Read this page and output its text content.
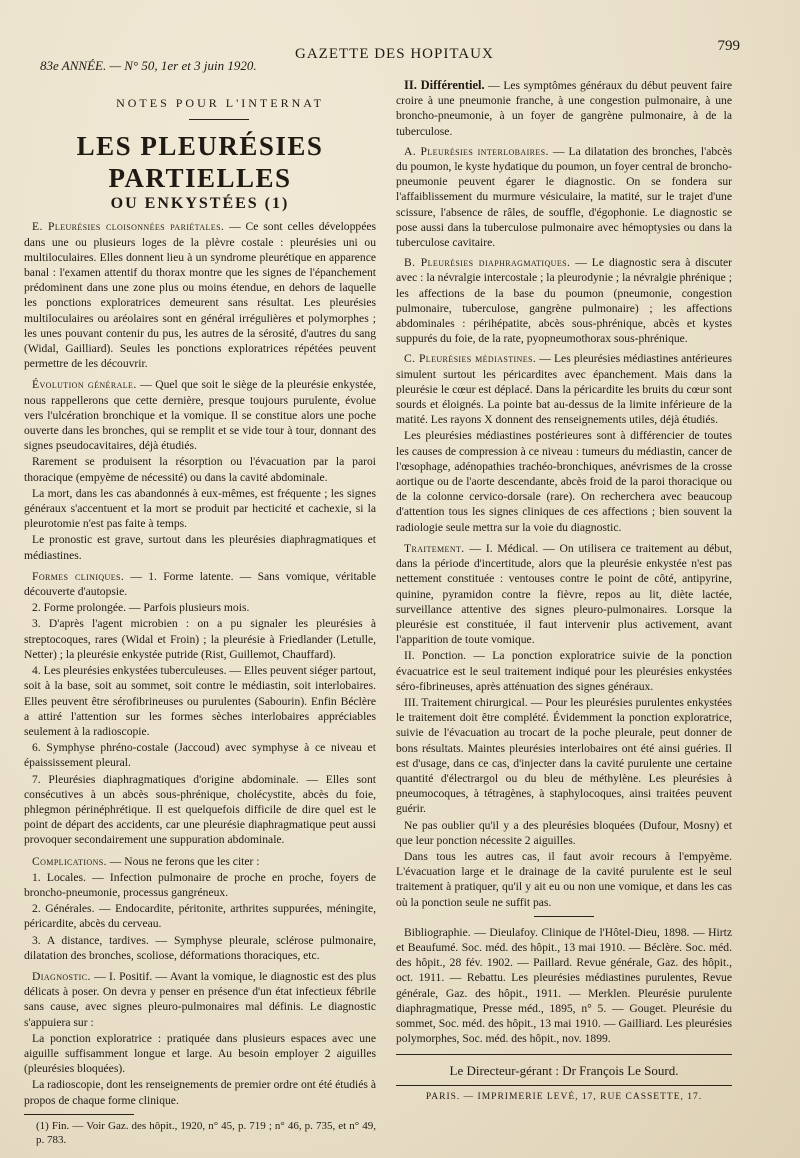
83e ANNÉE. — N° 50, 1er et 3 juin 1920.
GAZETTE DES HOPITAUX	799
NOTES POUR L'INTERNAT
LES PLEURÉSIES PARTIELLES
OU ENKYSTÉES (1)

E. Pleurésies cloisonnées pariétales. — Ce sont celles développées dans une ou plusieurs loges de la plèvre costale : pleurésies uni ou multiloculaires. Elles donnent lieu à un syndrome pleurétique en apparence banal : l'examen attentif du thorax montre que les signes de l'épanchement prédominent dans une zone plus ou moins étendue, en dehors de laquelle les ponctions exploratrices demeurent sans résultat. Les pleurésies multiloculaires ou aréolaires sont en général irrégulières et polymorphes ; les unes pouvant contenir du pus, les autres de la sérosité, d'autres du sang (Widal, Gailliard). Seules les ponctions exploratrices répétées peuvent permettre de les découvrir.

Évolution générale. — Quel que soit le siège de la pleurésie enkystée, nous rappellerons que cette dernière, presque toujours purulente, évolue vers l'ulcération bronchique et la vomique. Il se constitue alors une poche ouverte dans les bronches, qui se remplit et se vide tour à tour, donnant des signes pseudocavitaires, déjà étudiés.

Rarement se produisent la résorption ou l'évacuation par la paroi thoracique (empyème de nécessité) ou dans la cavité abdominale.

La mort, dans les cas abandonnés à eux-mêmes, est fréquente ; les signes généraux s'accentuent et la mort se produit par hecticité et cachexie, si la pleurotomie n'est pas faite à temps.

Le pronostic est grave, surtout dans les pleurésies diaphragmatiques et médiastines.

Formes cliniques. — 1. Forme latente. — Sans vomique, véritable découverte d'autopsie.

2. Forme prolongée. — Parfois plusieurs mois.

3. D'après l'agent microbien : on a pu signaler les pleurésies à streptocoques, rares (Widal et Froin) ; la pleurésie à Friedlander (Letulle, Netter) ; la pleurésie enkystée putride (Rist, Guillemot, Chauffard).

4. Les pleurésies enkystées tuberculeuses. — Elles peuvent siéger partout, soit à la base, soit au sommet, soit contre le médiastin, soit interlobaires. Elles peuvent être sérofibrineuses ou purulentes (Sabourin). Enfin Béclère a attiré l'attention sur les formes sèches interlobaires appréciables seulement à la radioscopie.

6. Symphyse phréno-costale (Jaccoud) avec symphyse à ce niveau et épaississement pleural.

7. Pleurésies diaphragmatiques d'origine abdominale. — Elles sont consécutives à un abcès sous-phrénique, cholécystite, abcès du foie, phlegmon périnéphrétique. Il est quelquefois difficile de dire quel est le point de départ des accidents, car une pleurésie diaphragmatique peut aussi provoquer secondairement une suppuration abdominale.

Complications. — Nous ne ferons que les citer :

1. Locales. — Infection pulmonaire de proche en proche, foyers de broncho-pneumonie, processus gangréneux.

2. Générales. — Endocardite, péritonite, arthrites suppurées, méningite, péricardite, abcès du cerveau.

3. A distance, tardives. — Symphyse pleurale, sclérose pulmonaire, dilatation des bronches, scoliose, déformations thoraciques, etc.

Diagnostic. — I. Positif. — Avant la vomique, le diagnostic est des plus délicats à poser. On devra y penser en présence d'un état infectieux fébrile sans cause, avec signes pleuro-pulmonaires mal définis. Le diagnostic s'appuiera sur :

La ponction exploratrice : pratiquée dans plusieurs espaces avec une aiguille suffisamment longue et large. Au besoin employer 2 aiguilles (pleurésies bloquées).

La radioscopie, dont les renseignements de premier ordre ont été étudiés à propos de chaque forme clinique.

(1) Fin. — Voir Gaz. des hôpit., 1920, n° 45, p. 719 ; n° 46, p. 735, et n° 49, p. 783.

II. Différentiel. — Les symptômes généraux du début peuvent faire croire à une pneumonie franche, à une congestion pulmonaire, à une broncho-pneumonie, à un foyer de gangrène pulmonaire, à de la tuberculose.

A. Pleurésies interlobaires. — La dilatation des bronches, l'abcès du poumon, le kyste hydatique du poumon, un foyer central de broncho-pneumonie peuvent égarer le diagnostic. On se fondera sur l'affaiblissement du murmure vésiculaire, la matité, sur le trajet d'une scissure, l'absence de râles, de souffle, d'égophonie. Le diagnostic se pose aussi dans la tuberculose pulmonaire avec hémoptysies ou dans la tuberculose cavitaire.

B. Pleurésies diaphragmatiques. — Le diagnostic sera à discuter avec : la névralgie intercostale ; la pleurodynie ; la névralgie phrénique ; les affections de la base du poumon (pneumonie, congestion pulmonaire, tuberculose, gangrène pulmonaire) ; les affections abdominales : périhépatite, abcès sous-phrénique, abcès et kystes suppurés du foie, de la rate, pyopneumothorax sous-phrénique.

C. Pleurésies médiastines. — Les pleurésies médiastines antérieures simulent surtout les péricardites avec épanchement. Mais dans la pleurésie le cœur est déplacé. Dans la péricardite les bruits du cœur sont sourds et éloignés. La pointe bat au-dessus de la limite inférieure de la matité. Les rayons X donnent des renseignements utiles, déjà étudiés.

Les pleurésies médiastines postérieures sont à différencier de toutes les causes de compression à ce niveau : tumeurs du médiastin, cancer de l'œsophage, adénopathies trachéo-bronchiques, anévrismes de la crosse aortique ou de l'aorte descendante, abcès froid de la paroi thoracique ou de la colonne cervico-dorsale (rare). On recherchera avec beaucoup d'attention tous les signes cliniques de ces affections ; bien souvent la radiologie seule mettra sur la voie du diagnostic.

Traitement. — I. Médical. — On utilisera ce traitement au début, dans la période d'incertitude, alors que la pleurésie enkystée n'est pas nettement constituée : ventouses contre le point de côté, antipyrine, quinine, pyramidon contre la fièvre, repos au lit, diète lactée, surveillance attentive des signes pleuro-pulmonaires. Lorsque la pleurésie est constituée, il faut intervenir plus activement, avant l'apparition de toute vomique.

II. Ponction. — La ponction exploratrice suivie de la ponction évacuatrice est le seul traitement indiqué pour les pleurésies enkystées séro-fibrineuses, après atténuation des signes généraux.

III. Traitement chirurgical. — Pour les pleurésies purulentes enkystées le traitement doit être complété. Évidemment la ponction exploratrice, suivie de l'évacuation au trocart de la poche pleurale, peut donner de bons résultats. Maintes pleurésies interlobaires ont été ainsi guéries. Il est d'usage, dans ce cas, d'injecter dans la cavité purulente une certaine quantité d'électrargol ou du bleu de méthylène. Les pleurésies à pneumocoques, à tétragènes, à staphylocoques, ainsi traitées peuvent guérir.

Ne pas oublier qu'il y a des pleurésies bloquées (Dufour, Mosny) et que leur ponction nécessite 2 aiguilles.

Dans tous les autres cas, il faut avoir recours à l'empyème. L'évacuation large et le drainage de la cavité purulente est le seul traitement à pratiquer, qu'il y ait eu ou non une vomique, et dans les cas où la ponction seule ne suffit pas.

Bibliographie. — Dieulafoy. Clinique de l'Hôtel-Dieu, 1898. — Hirtz et Beaufumé. Soc. méd. des hôpit., 13 mai 1910. — Béclère. Soc. méd. des hôpit., 28 fév. 1902. — Paillard. Revue générale, Gaz. des hôpit., oct. 1911. — Rebattu. Les pleurésies médiastines purulentes, Revue générale, Gaz. des hôpit., 1911. — Merklen. Pleurésie purulente diaphragmatique, Presse méd., 1895, n° 5. — Gouget. Pleurésie du sommet, Soc. méd. des hôpit., 13 mai 1910. — Gailliard. Les pleurésies polymorphes, Soc. méd. des hôpit., nov. 1899.

Le Directeur-gérant : Dr François Le Sourd.
PARIS. — IMPRIMERIE LEVÉ, 17, RUE CASSETTE, 17.
